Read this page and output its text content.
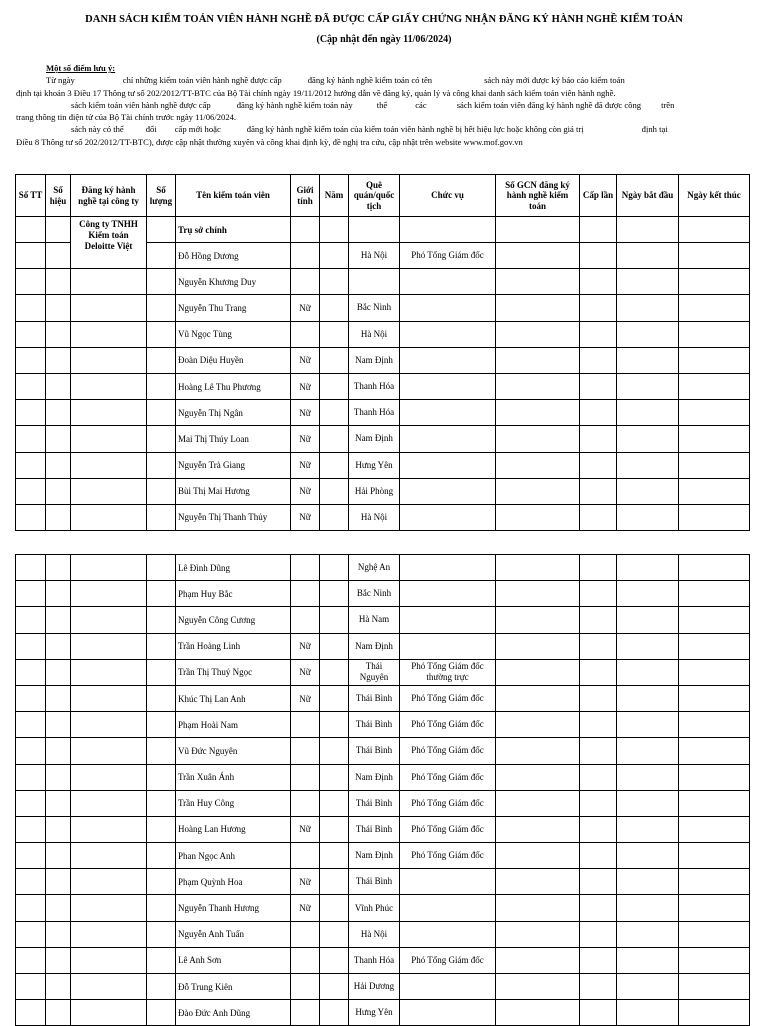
DANH SÁCH KIỂM TOÁN VIÊN HÀNH NGHỀ ĐÃ ĐƯỢC CẤP GIẤY CHỨNG NHẬN ĐĂNG KÝ HÀNH NGHỀ KIỂM TOÁN
(Cập nhật đến ngày 11/06/2024)

Một số điểm lưu ý:

Từ ngày	chỉ những kiểm toán viên hành nghề được cấp	đăng ký hành nghề kiểm toán có tên	sách này mới được ký báo cáo kiểm toán

định tại khoản 3 Điều 17 Thông tư số 202/2012/TT-BTC của Bộ Tài chính ngày 19/11/2012 hướng dẫn về đăng ký, quản lý và công khai danh sách kiểm toán viên hành nghề.

sách kiểm toán viên hành nghề được cấp	đăng ký hành nghề kiểm toán này	thể	các	sách kiểm toán viên đăng ký hành nghề đã được công trên

trang thông tin điện tử của Bộ Tài chính trước ngày 11/06/2024.

sách này có thể	đổi cấp mới hoặc	đăng ký hành nghề kiểm toán của kiểm toán viên hành nghề bị hết hiệu lực hoặc không còn giá trị	định tại

Điều 8 Thông tư số 202/2012/TT-BTC), được cập nhật thường xuyên và công khai định kỳ, đề nghị tra cứu, cập nhật trên website www.mof.gov.vn

Số TT	Số hiệu	Đăng ký hành nghề tại công ty	Số lượng	Tên kiểm toán viên	Giới tính	Năm	Quê quán/quốc tịch	Chức vụ	Số GCN đăng ký hành nghề kiểm toán	Cấp lần	Ngày bắt đầu	Ngày kết thúc
		Công ty TNHH Kiểm toán Deloitte Việt		Trụ sở chính								
				Đỗ Hồng Dương			Hà Nội	Phó Tổng Giám đốc				
				Nguyễn Khương Duy								
				Nguyễn Thu Trang	Nữ		Bắc Ninh					
				Vũ Ngọc Tùng			Hà Nội					
				Đoàn Diệu Huyền	Nữ		Nam Định					
				Hoàng Lê Thu Phương	Nữ		Thanh Hóa					
				Nguyễn Thị Ngân	Nữ		Thanh Hóa					
				Mai Thị Thúy Loan	Nữ		Nam Định					
				Nguyễn Trà Giang	Nữ		Hưng Yên					
				Bùi Thị Mai Hương	Nữ		Hải Phòng					
				Nguyễn Thị Thanh Thủy	Nữ		Hà Nội					
				Lê Đình Dũng			Nghệ An					
				Phạm Huy Bắc			Bắc Ninh					
				Nguyễn Công Cương			Hà Nam					
				Trần Hoàng Linh	Nữ		Nam Định					
				Trần Thị Thuý Ngọc	Nữ		Thái Nguyên	Phó Tổng Giám đốc thường trực				
				Khúc Thị Lan Anh	Nữ		Thái Bình	Phó Tổng Giám đốc				
				Phạm Hoài Nam			Thái Bình	Phó Tổng Giám đốc				
				Vũ Đức Nguyên			Thái Bình	Phó Tổng Giám đốc				
				Trần Xuân Ánh			Nam Định	Phó Tổng Giám đốc				
				Trần Huy Công			Thái Bình	Phó Tổng Giám đốc				
				Hoàng Lan Hương	Nữ		Thái Bình	Phó Tổng Giám đốc				
				Phan Ngọc Anh			Nam Định	Phó Tổng Giám đốc				
				Phạm Quỳnh Hoa	Nữ		Thái Bình					
				Nguyễn Thanh Hương	Nữ		Vĩnh Phúc					
				Nguyễn Anh Tuấn			Hà Nội					
				Lê Anh Sơn			Thanh Hóa	Phó Tổng Giám đốc				
				Đỗ Trung Kiên			Hải Dương					
				Đào Đức Anh Dũng			Hưng Yên					
